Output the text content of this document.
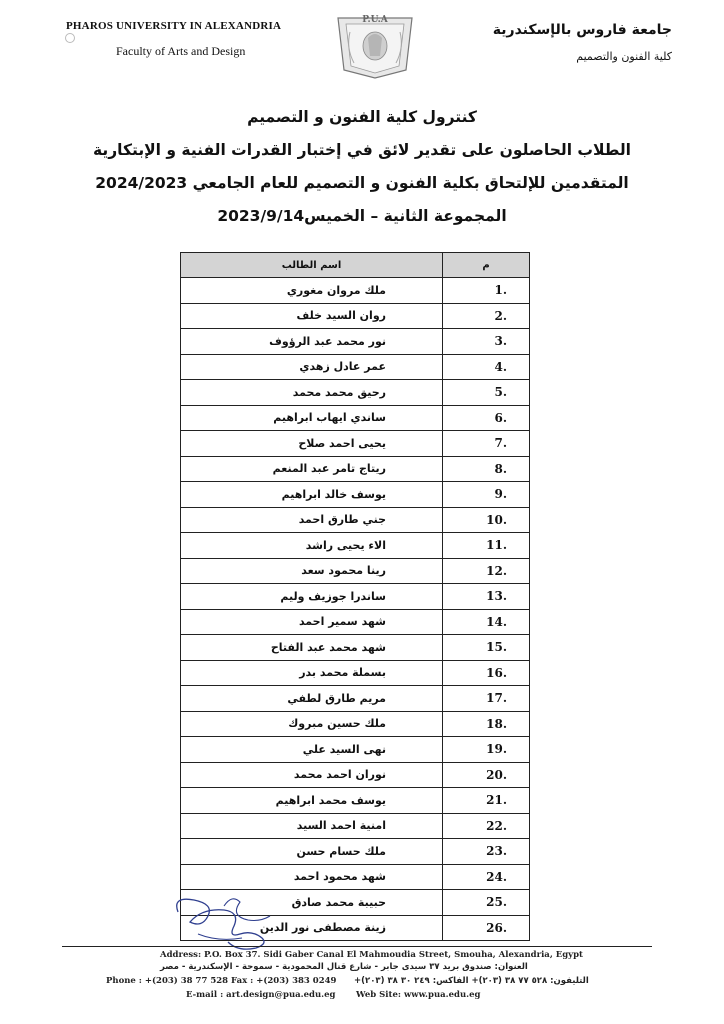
PHAROS UNIVERSITY IN ALEXANDRIA
Faculty of Arts and Design
P.U.A
جامعة فاروس بالإسكندرية
كلية الفنون والتصميم

كنترول كلية الفنون و التصميم

الطلاب الحاصلون على تقدير لائق في إختبار القدرات الفنية و الإبتكارية

المتقدمين للإلتحاق بكلية الفنون و التصميم للعام الجامعي 2024/2023

المجموعة الثانية – الخميس2023/9/14

م	اسم الطالب
.1	ملك مروان مغوري
.2	روان السيد خلف
.3	نور محمد عبد الرؤوف
.4	عمر عادل زهدي
.5	رحيق محمد محمد
.6	ساندي ايهاب ابراهيم
.7	يحيى احمد صلاح
.8	ريتاج تامر عبد المنعم
.9	يوسف خالد ابراهيم
.10	جني طارق احمد
.11	الاء يحيى راشد
.12	رينا محمود سعد
.13	ساندرا جوزيف وليم
.14	شهد سمير احمد
.15	شهد محمد عبد الفتاح
.16	بسملة محمد بدر
.17	مريم طارق لطفي
.18	ملك حسين مبروك
.19	نهى السيد علي
.20	نوران احمد محمد
.21	يوسف محمد ابراهيم
.22	امنية احمد السيد
.23	ملك حسام حسن
.24	شهد محمود احمد
.25	حبيبة محمد صادق
.26	زينة مصطفى نور الدين
Address: P.O. Box 37. Sidi Gaber Canal El Mahmoudia Street, Smouha, Alexandria, Egypt
العنوان: صندوق بريد ٣٧ سيدى جابر - شارع قنال المحمودية - سموحة - الإسكندرية - مصر
Phone : +(203) 38 77 528 Fax : +(203) 383 0249 التليفون: ٥٢٨ ٧٧ ٣٨ (٢٠٣)+ الفاكس: ٢٤٩ ٣٠ ٣٨ (٢٠٣)+
E-mail : art.design@pua.edu.eg Web Site: www.pua.edu.eg
